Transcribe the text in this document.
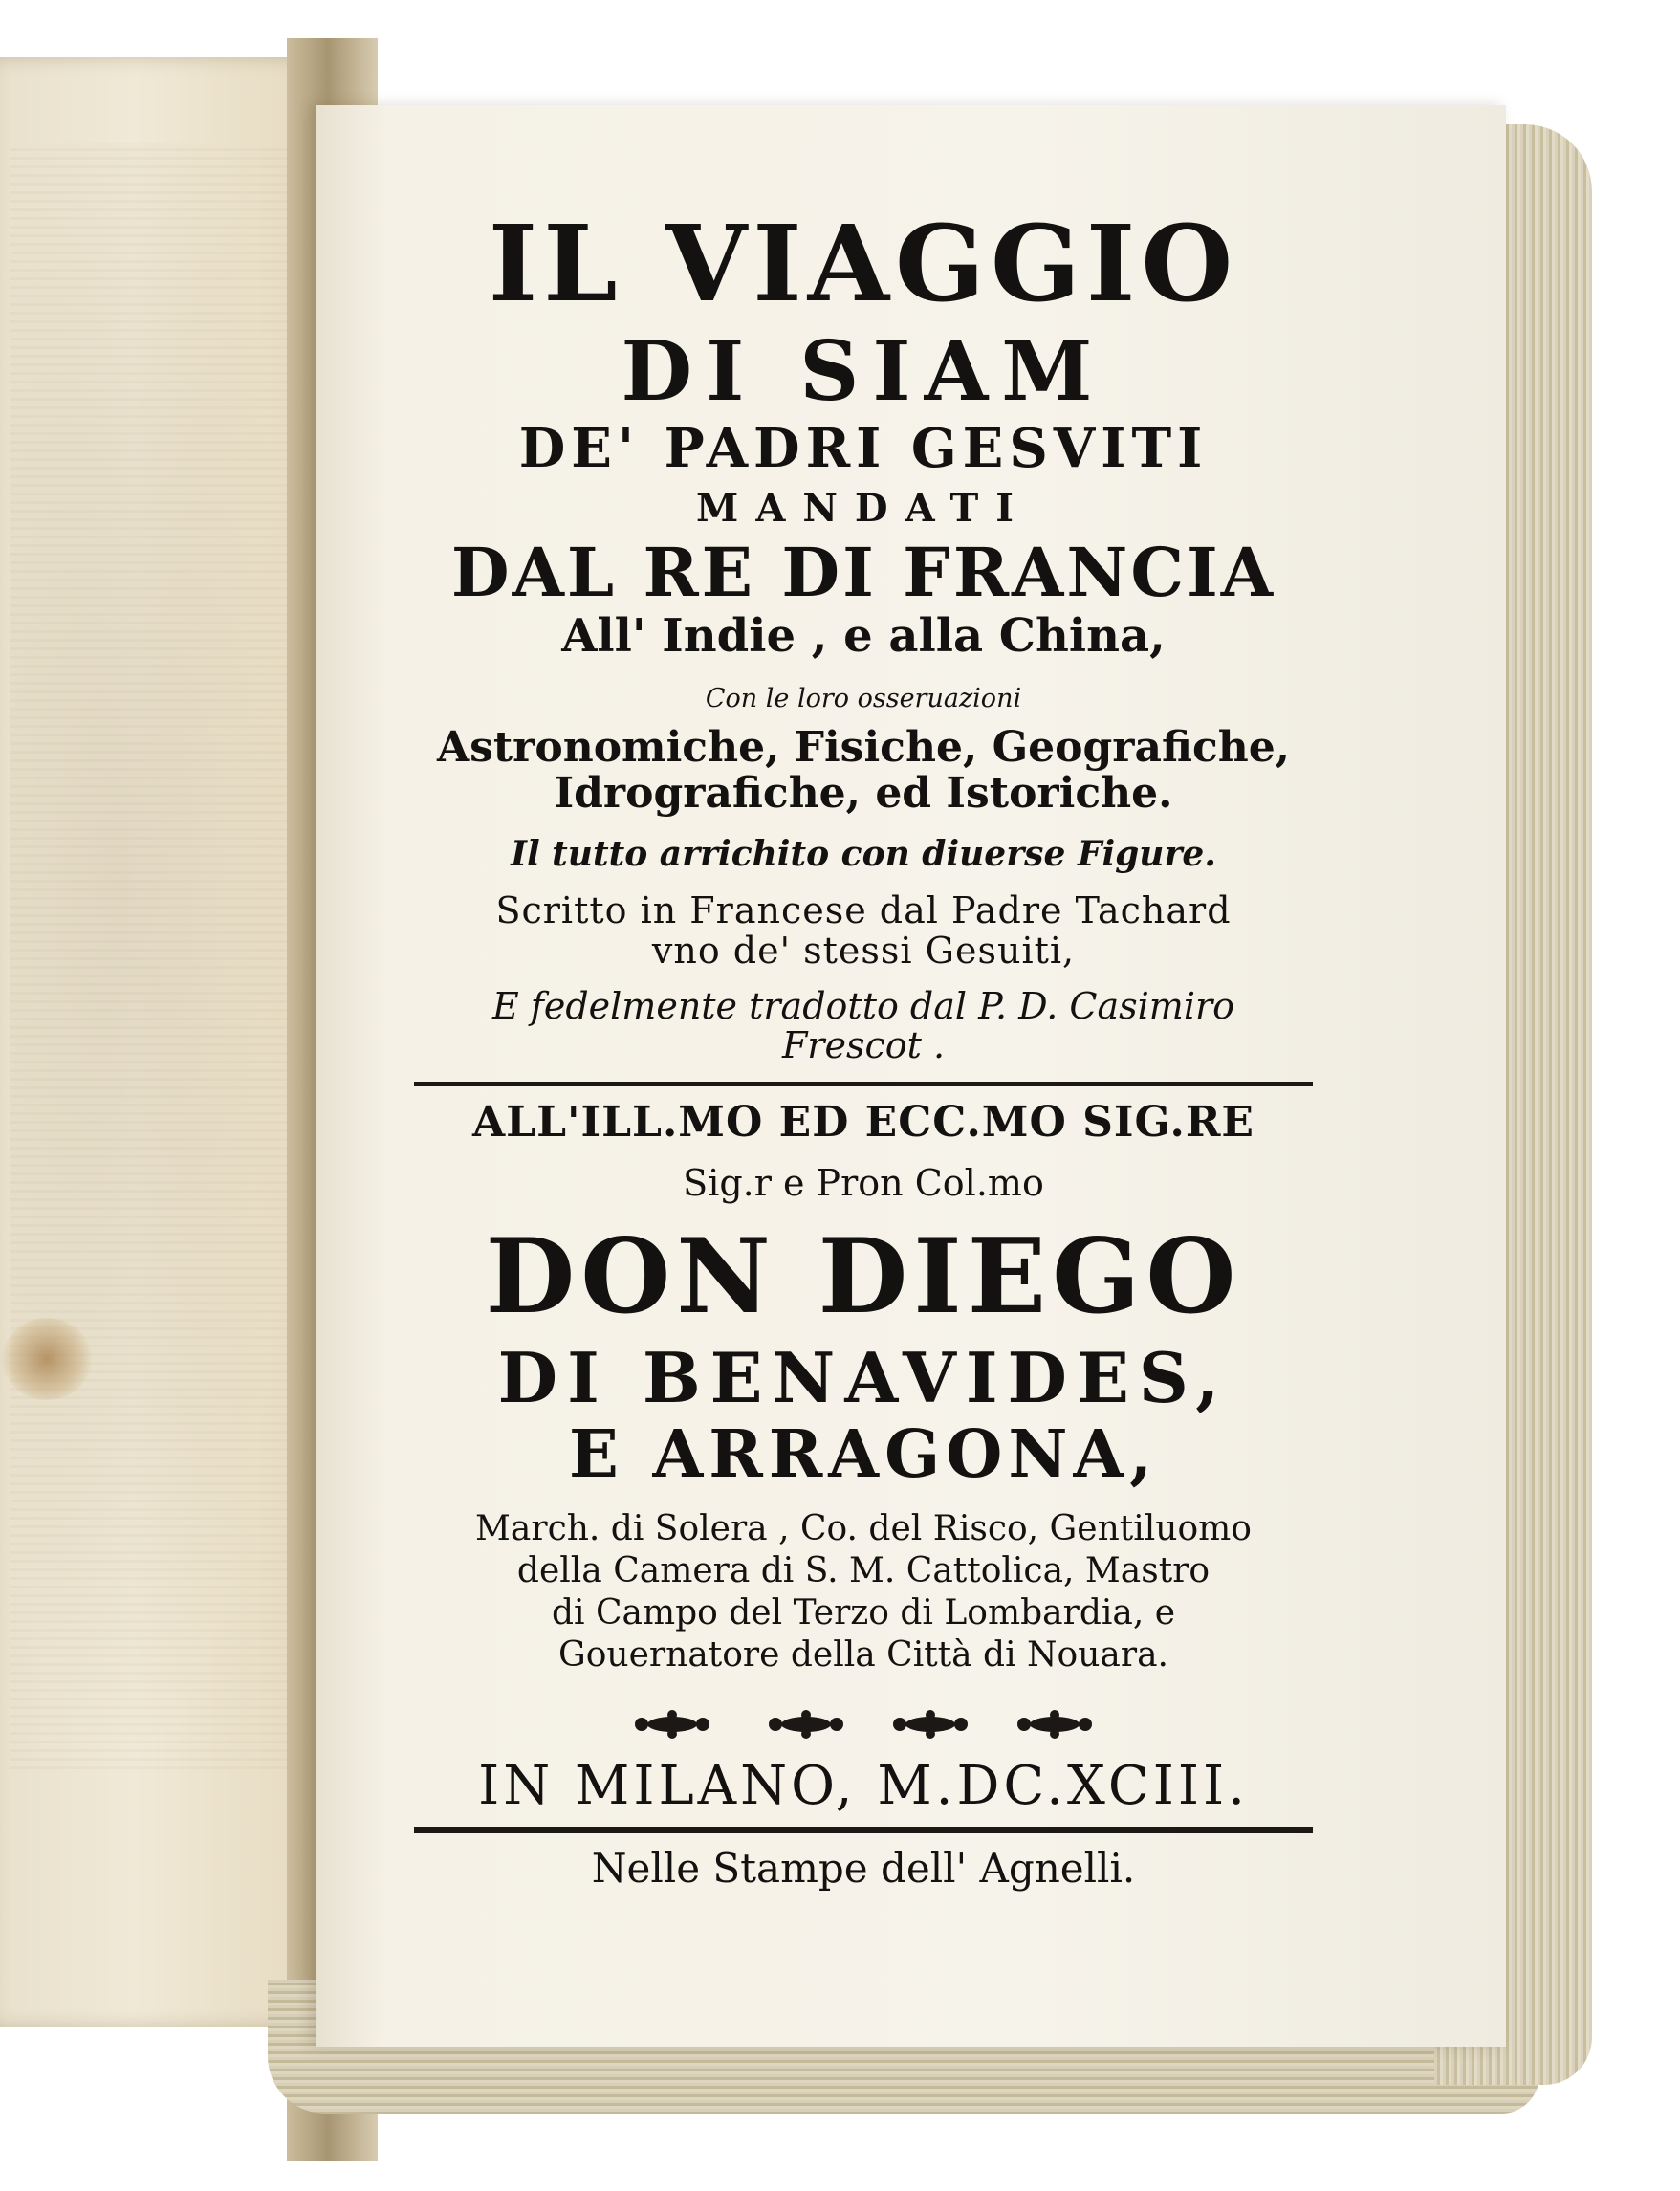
IL VIAGGIO
DI SIAM
DE' PADRI GESVITI
MANDATI
DAL RE DI FRANCIA
All' Indie , e alla China,
Con le loro osseruazioni
Astronomiche, Fisiche, Geografiche,
Idrografiche, ed Istoriche.
Il tutto arrichito con diuerse Figure.
Scritto in Francese dal Padre Tachard
vno de' stessi Gesuiti,
E fedelmente tradotto dal P. D. Casimiro
Frescot .
ALL'ILL.MO ED ECC.MO SIG.RE
Sig.r e Pron Col.mo
DON DIEGO
DI BENAVIDES,
E ARRAGONA,
March. di Solera , Co. del Risco, Gentiluomo
della Camera di S. M. Cattolica, Mastro
di Campo del Terzo di Lombardia, e
Gouernatore della Città di Nouara.
IN MILANO, M.DC.XCIII.
Nelle Stampe dell' Agnelli.
